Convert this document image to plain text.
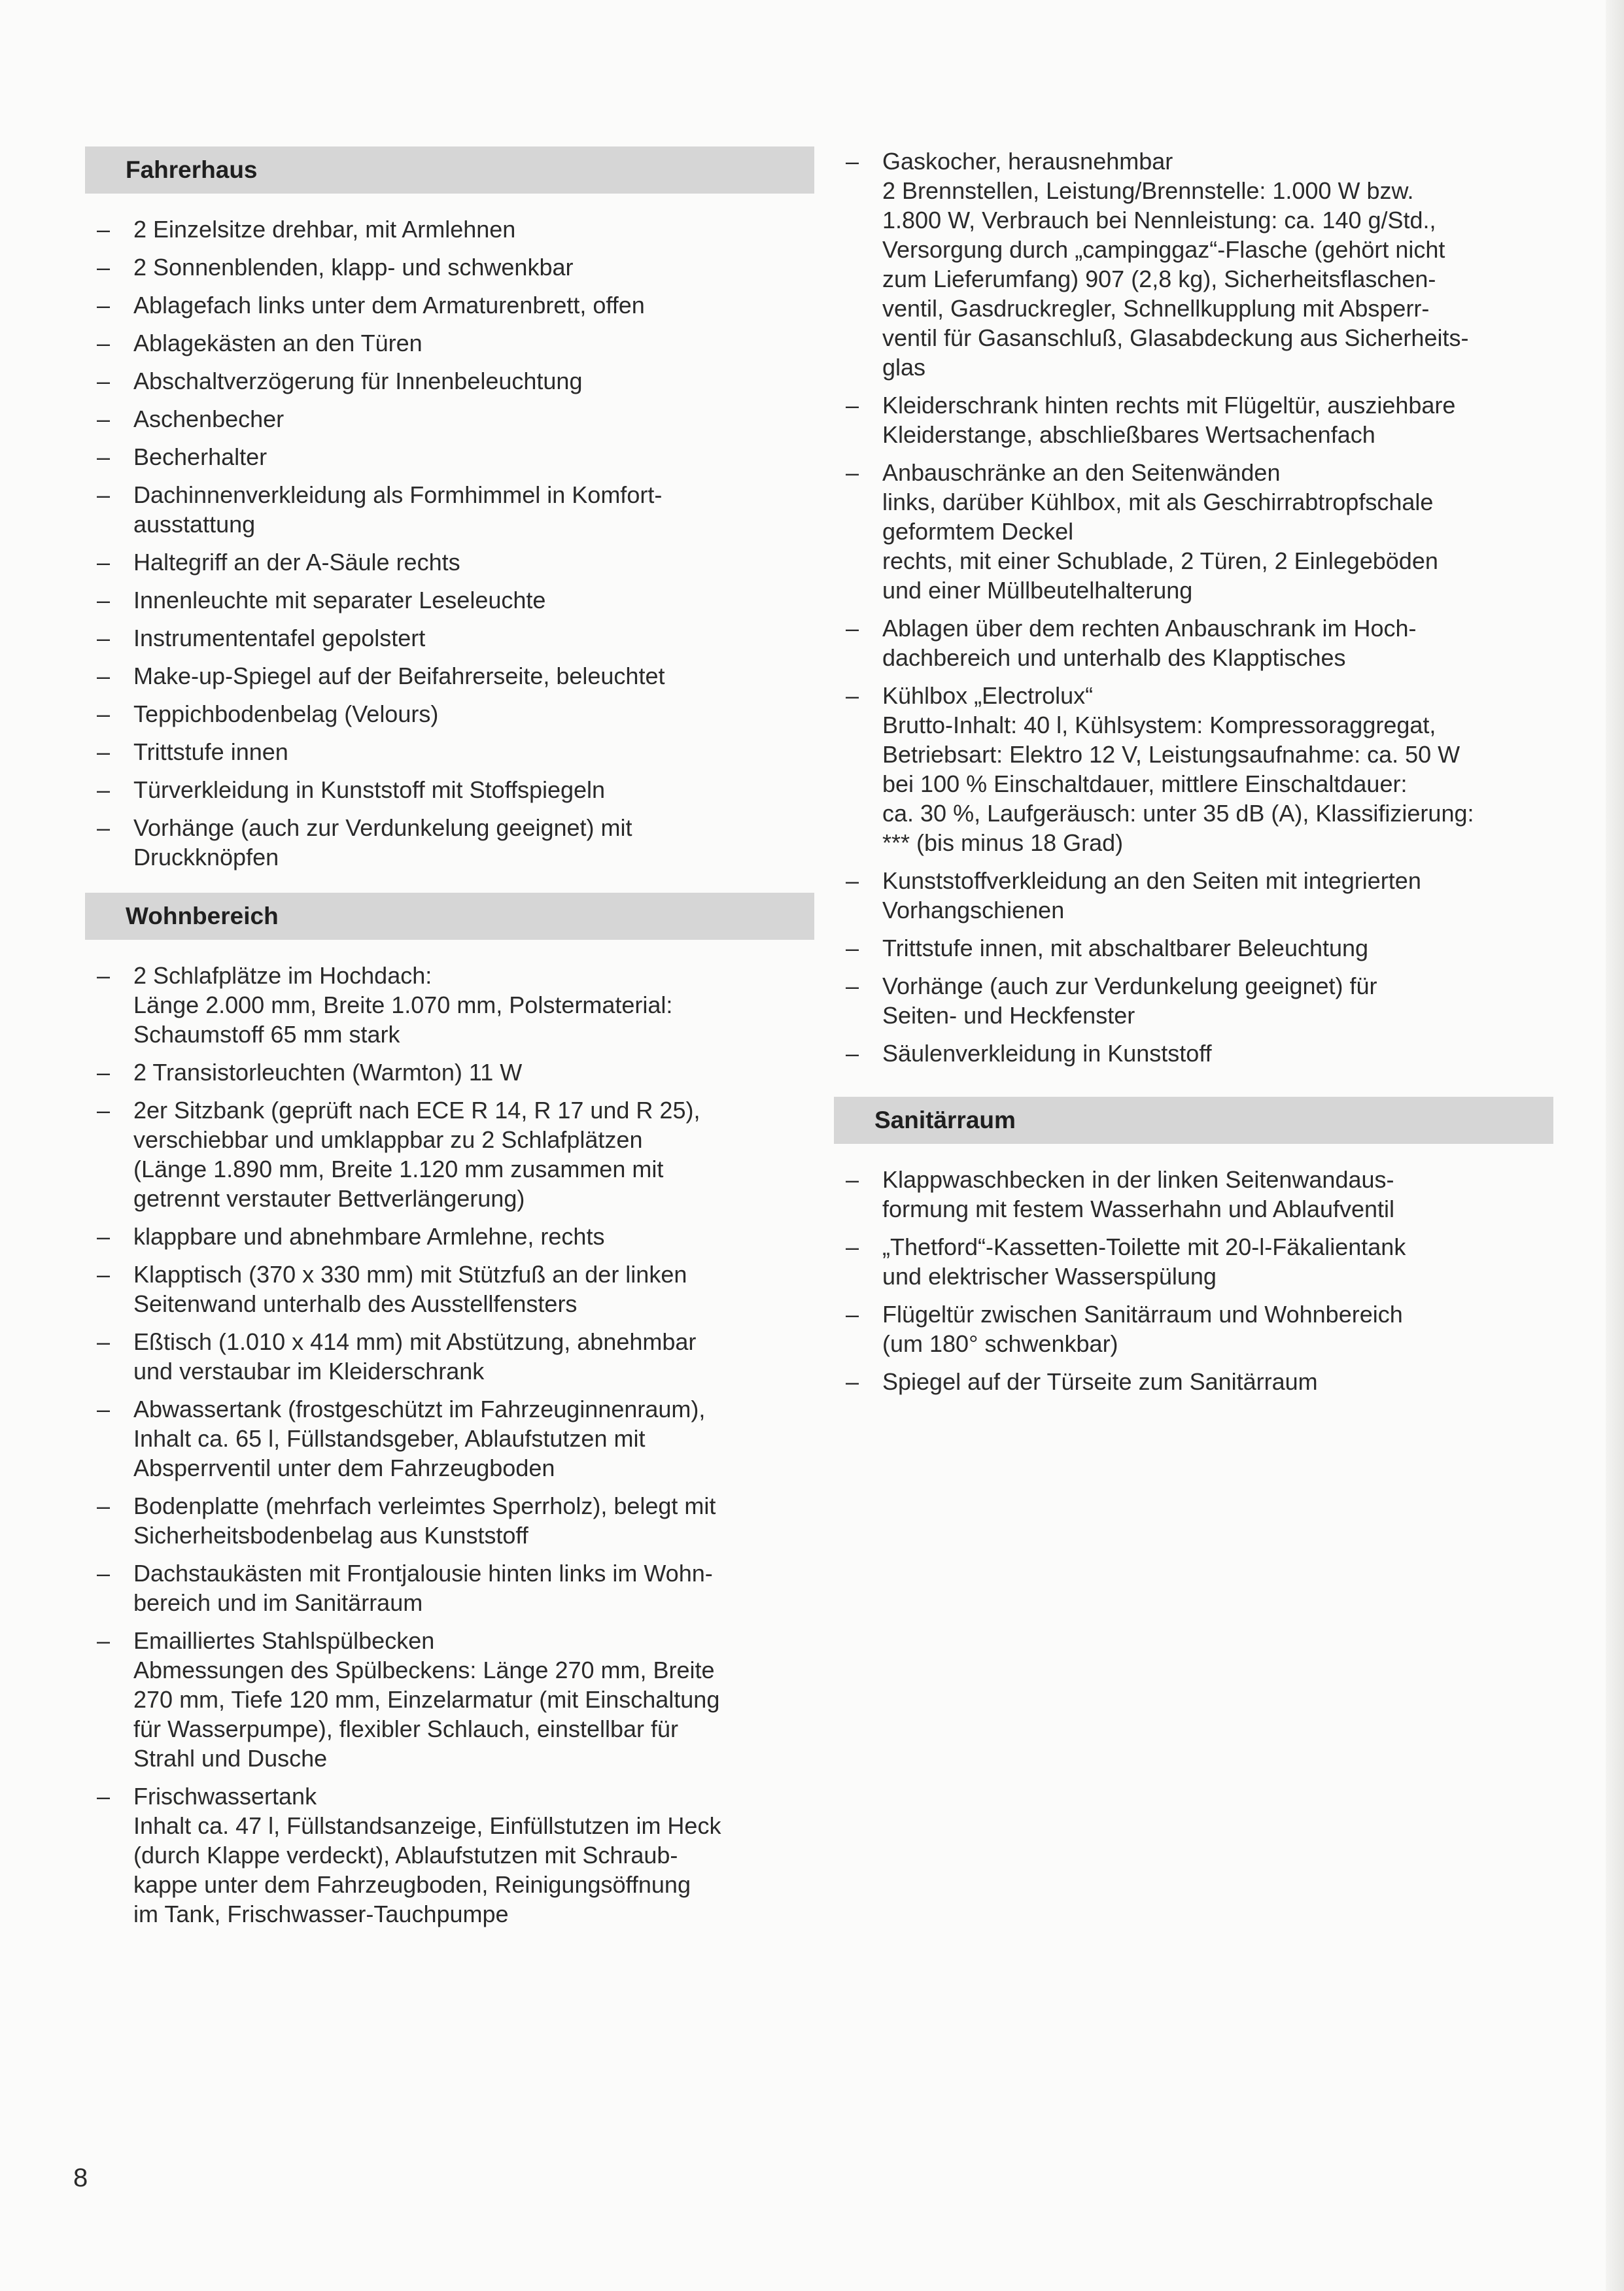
Fahrerhaus
– 2 Einzelsitze drehbar, mit Armlehnen
– 2 Sonnenblenden, klapp- und schwenkbar
– Ablagefach links unter dem Armaturenbrett, offen
– Ablagekästen an den Türen
– Abschaltverzögerung für Innenbeleuchtung
– Aschenbecher
– Becherhalter
– Dachinnenverkleidung als Formhimmel in Komfort-
ausstattung
– Haltegriff an der A-Säule rechts
– Innenleuchte mit separater Leseleuchte
– Instrumententafel gepolstert
– Make-up-Spiegel auf der Beifahrerseite, beleuchtet
– Teppichbodenbelag (Velours)
– Trittstufe innen
– Türverkleidung in Kunststoff mit Stoffspiegeln
– Vorhänge (auch zur Verdunkelung geeignet) mit
Druckknöpfen
Wohnbereich
– 2 Schlafplätze im Hochdach:
Länge 2.000 mm, Breite 1.070 mm, Polstermaterial:
Schaumstoff 65 mm stark
– 2 Transistorleuchten (Warmton) 11 W
– 2er Sitzbank (geprüft nach ECE R 14, R 17 und R 25),
verschiebbar und umklappbar zu 2 Schlafplätzen
(Länge 1.890 mm, Breite 1.120 mm zusammen mit
getrennt verstauter Bettverlängerung)
– klappbare und abnehmbare Armlehne, rechts
– Klapptisch (370 x 330 mm) mit Stützfuß an der linken
Seitenwand unterhalb des Ausstellfensters
– Eßtisch (1.010 x 414 mm) mit Abstützung, abnehmbar
und verstaubar im Kleiderschrank
– Abwassertank (frostgeschützt im Fahrzeuginnenraum),
Inhalt ca. 65 l, Füllstandsgeber, Ablaufstutzen mit
Absperrventil unter dem Fahrzeugboden
– Bodenplatte (mehrfach verleimtes Sperrholz), belegt mit
Sicherheitsbodenbelag aus Kunststoff
– Dachstaukästen mit Frontjalousie hinten links im Wohn-
bereich und im Sanitärraum
– Emailliertes Stahlspülbecken
Abmessungen des Spülbeckens: Länge 270 mm, Breite
270 mm, Tiefe 120 mm, Einzelarmatur (mit Einschaltung
für Wasserpumpe), flexibler Schlauch, einstellbar für
Strahl und Dusche
– Frischwassertank
Inhalt ca. 47 l, Füllstandsanzeige, Einfüllstutzen im Heck
(durch Klappe verdeckt), Ablaufstutzen mit Schraub-
kappe unter dem Fahrzeugboden, Reinigungsöffnung
im Tank, Frischwasser-Tauchpumpe
– Gaskocher, herausnehmbar
2 Brennstellen, Leistung/Brennstelle: 1.000 W bzw.
1.800 W, Verbrauch bei Nennleistung: ca. 140 g/Std.,
Versorgung durch „campinggaz“-Flasche (gehört nicht
zum Lieferumfang) 907 (2,8 kg), Sicherheitsflaschen-
ventil, Gasdruckregler, Schnellkupplung mit Absperr-
ventil für Gasanschluß, Glasabdeckung aus Sicherheits-
glas
– Kleiderschrank hinten rechts mit Flügeltür, ausziehbare
Kleiderstange, abschließbares Wertsachenfach
– Anbauschränke an den Seitenwänden
links, darüber Kühlbox, mit als Geschirrabtropfschale
geformtem Deckel
rechts, mit einer Schublade, 2 Türen, 2 Einlegeböden
und einer Müllbeutelhalterung
– Ablagen über dem rechten Anbauschrank im Hoch-
dachbereich und unterhalb des Klapptisches
– Kühlbox „Electrolux“
Brutto-Inhalt: 40 l, Kühlsystem: Kompressoraggregat,
Betriebsart: Elektro 12 V, Leistungsaufnahme: ca. 50 W
bei 100 % Einschaltdauer, mittlere Einschaltdauer:
ca. 30 %, Laufgeräusch: unter 35 dB (A), Klassifizierung:
*** (bis minus 18 Grad)
– Kunststoffverkleidung an den Seiten mit integrierten
Vorhangschienen
– Trittstufe innen, mit abschaltbarer Beleuchtung
– Vorhänge (auch zur Verdunkelung geeignet) für
Seiten- und Heckfenster
– Säulenverkleidung in Kunststoff
Sanitärraum
– Klappwaschbecken in der linken Seitenwandaus-
formung mit festem Wasserhahn und Ablaufventil
– „Thetford“-Kassetten-Toilette mit 20-l-Fäkalientank
und elektrischer Wasserspülung
– Flügeltür zwischen Sanitärraum und Wohnbereich
(um 180° schwenkbar)
– Spiegel auf der Türseite zum Sanitärraum
8
